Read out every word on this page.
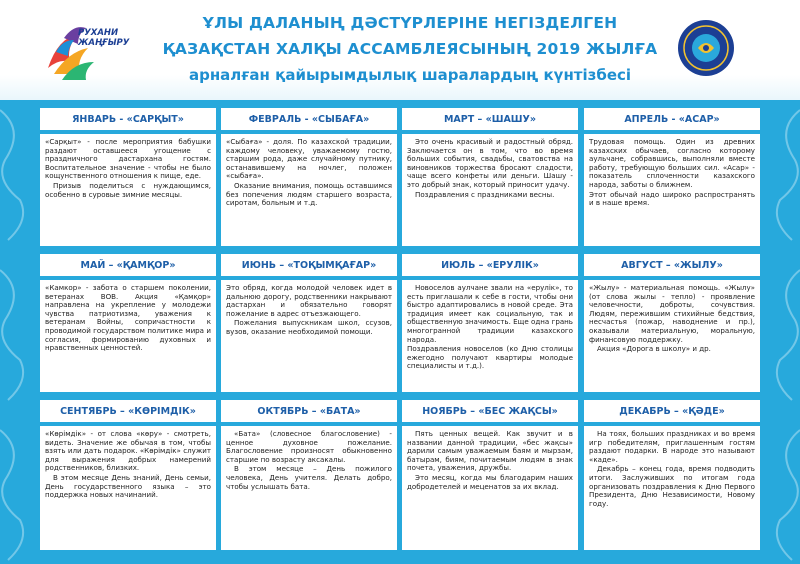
РУХАНИ
ЖАҢҒЫРУ
ҰЛЫ ДАЛАНЫҢ ДӘСТҮРЛЕРІНЕ НЕГІЗДЕЛГЕН
ҚАЗАҚСТАН ХАЛҚЫ АССАМБЛЕЯСЫНЫҢ 2019 ЖЫЛҒА
арналған қайырымдылық шаралардың күнтізбесі
ЯНВАРЬ - «САРҚЫТ»

«Сарқыт» - после мероприятия бабушки раздают оставшееся угощение с праздничного дастархана гостям. Воспитательное значение - чтобы не было кощунственного отношения к пище, еде.

Призыв поделиться с нуждающимся, особенно в суровые зимние месяцы.

ФЕВРАЛЬ - «СЫБАҒА»

«Сыбаға» - доля. По казахской традиции, каждому человеку, уважаемому гостю, старшим рода, даже случайному путнику, останавившему на ночлег, положен «сыбаға».

Оказание внимания, помощь оставшимся без попечения людям старшего возраста, сиротам, больным и т.д.

МАРТ – «ШАШУ»

Это очень красивый и радостный обряд. Заключается он в том, что во время больших события, свадьбы, сватовства на виновников торжества бросают сладости, чаще всего конфеты или деньги. Шашу - это добрый знак, который приносит удачу.

Поздравления с праздниками весны.

АПРЕЛЬ - «АСАР»

Трудовая помощь. Один из древних казахских обычаев, согласно которому аульчане, собравшись, выполняли вместе работу, требующую больших сил. «Асар» - показатель сплоченности казахского народа, заботы о ближнем.

Этот обычай надо широко распространять и в наше время.

МАЙ – «ҚАМҚОР»

«Камкор» - забота о старшем поколении, ветеранах ВОВ. Акция «Қамқор» направлена на укрепление у молодежи чувства патриотизма, уважения к ветеранам Войны, сопричастности к проводимой государством политике мира и согласия, формированию духовных и нравственных ценностей.

ИЮНЬ – «ТОҚЫМҚАҒАР»

Это обряд, когда молодой человек идет в дальнюю дорогу, родственники накрывают дастархан и обязательно говорят пожелание в адрес отъезжающего.

Пожелания выпускникам школ, ссузов, вузов, оказание необходимой помощи.

ИЮЛЬ – «ЕРУЛІК»

Новоселов аулчане звали на «ерулік», то есть приглашали к себе в гости, чтобы они быстро адаптировались в новой среде. Эта традиция имеет как социальную, так и общественную значимость. Еще одна грань многогранной традиции казахского народа.

Поздравления новоселов (ко Дню столицы ежегодно получают квартиры молодые специалисты и т.д.).

АВГУСТ – «ЖЫЛУ»

«Жылу» - материальная помощь. «Жылу» (от слова жылы - тепло) - проявление человечности, доброты, сочувствия. Людям, пережившим стихийные бедствия, несчастья (пожар, наводнение и пр.), оказывали материальную, моральную, финансовую поддержку.

Акция «Дорога в школу» и др.

СЕНТЯБРЬ – «КӨРІМДІК»

«Көрімдік» - от слова «көру» - смотреть, видеть. Значение же обычая в том, чтобы взять или дать подарок. «Көрімдік» служит для выражения добрых намерений родственников, близких.

В этом месяце День знаний, День семьи, День государственного языка – это поддержка новых начинаний.

ОКТЯБРЬ – «БАТА»

«Бата» (словесное благословение) - ценное духовное пожелание. Благословение произносят обыкновенно старшие по возрасту аксакалы.

В этом месяце – День пожилого человека, День учителя. Делать добро, чтобы услышать бата.

НОЯБРЬ – «БЕС ЖАҚСЫ»

Пять ценных вещей. Как звучит и в названии данной традиции, «бес жақсы» дарили самым уважаемым баям и мырзам, батырам, биям, почитаемым людям в знак почета, уважения, дружбы.

Это месяц, когда мы благодарим наших добродетелей и меценатов за их вклад.

ДЕКАБРЬ – «ҚӘДЕ»

На тоях, больших праздниках и во время игр победителям, приглашенным гостям раздают подарки. В народе это называют «каде».

Декабрь – конец года, время подводить итоги. Заслуживших по итогам года организовать поздравления к Дню Первого Президента, Дню Независимости, Новому году.
